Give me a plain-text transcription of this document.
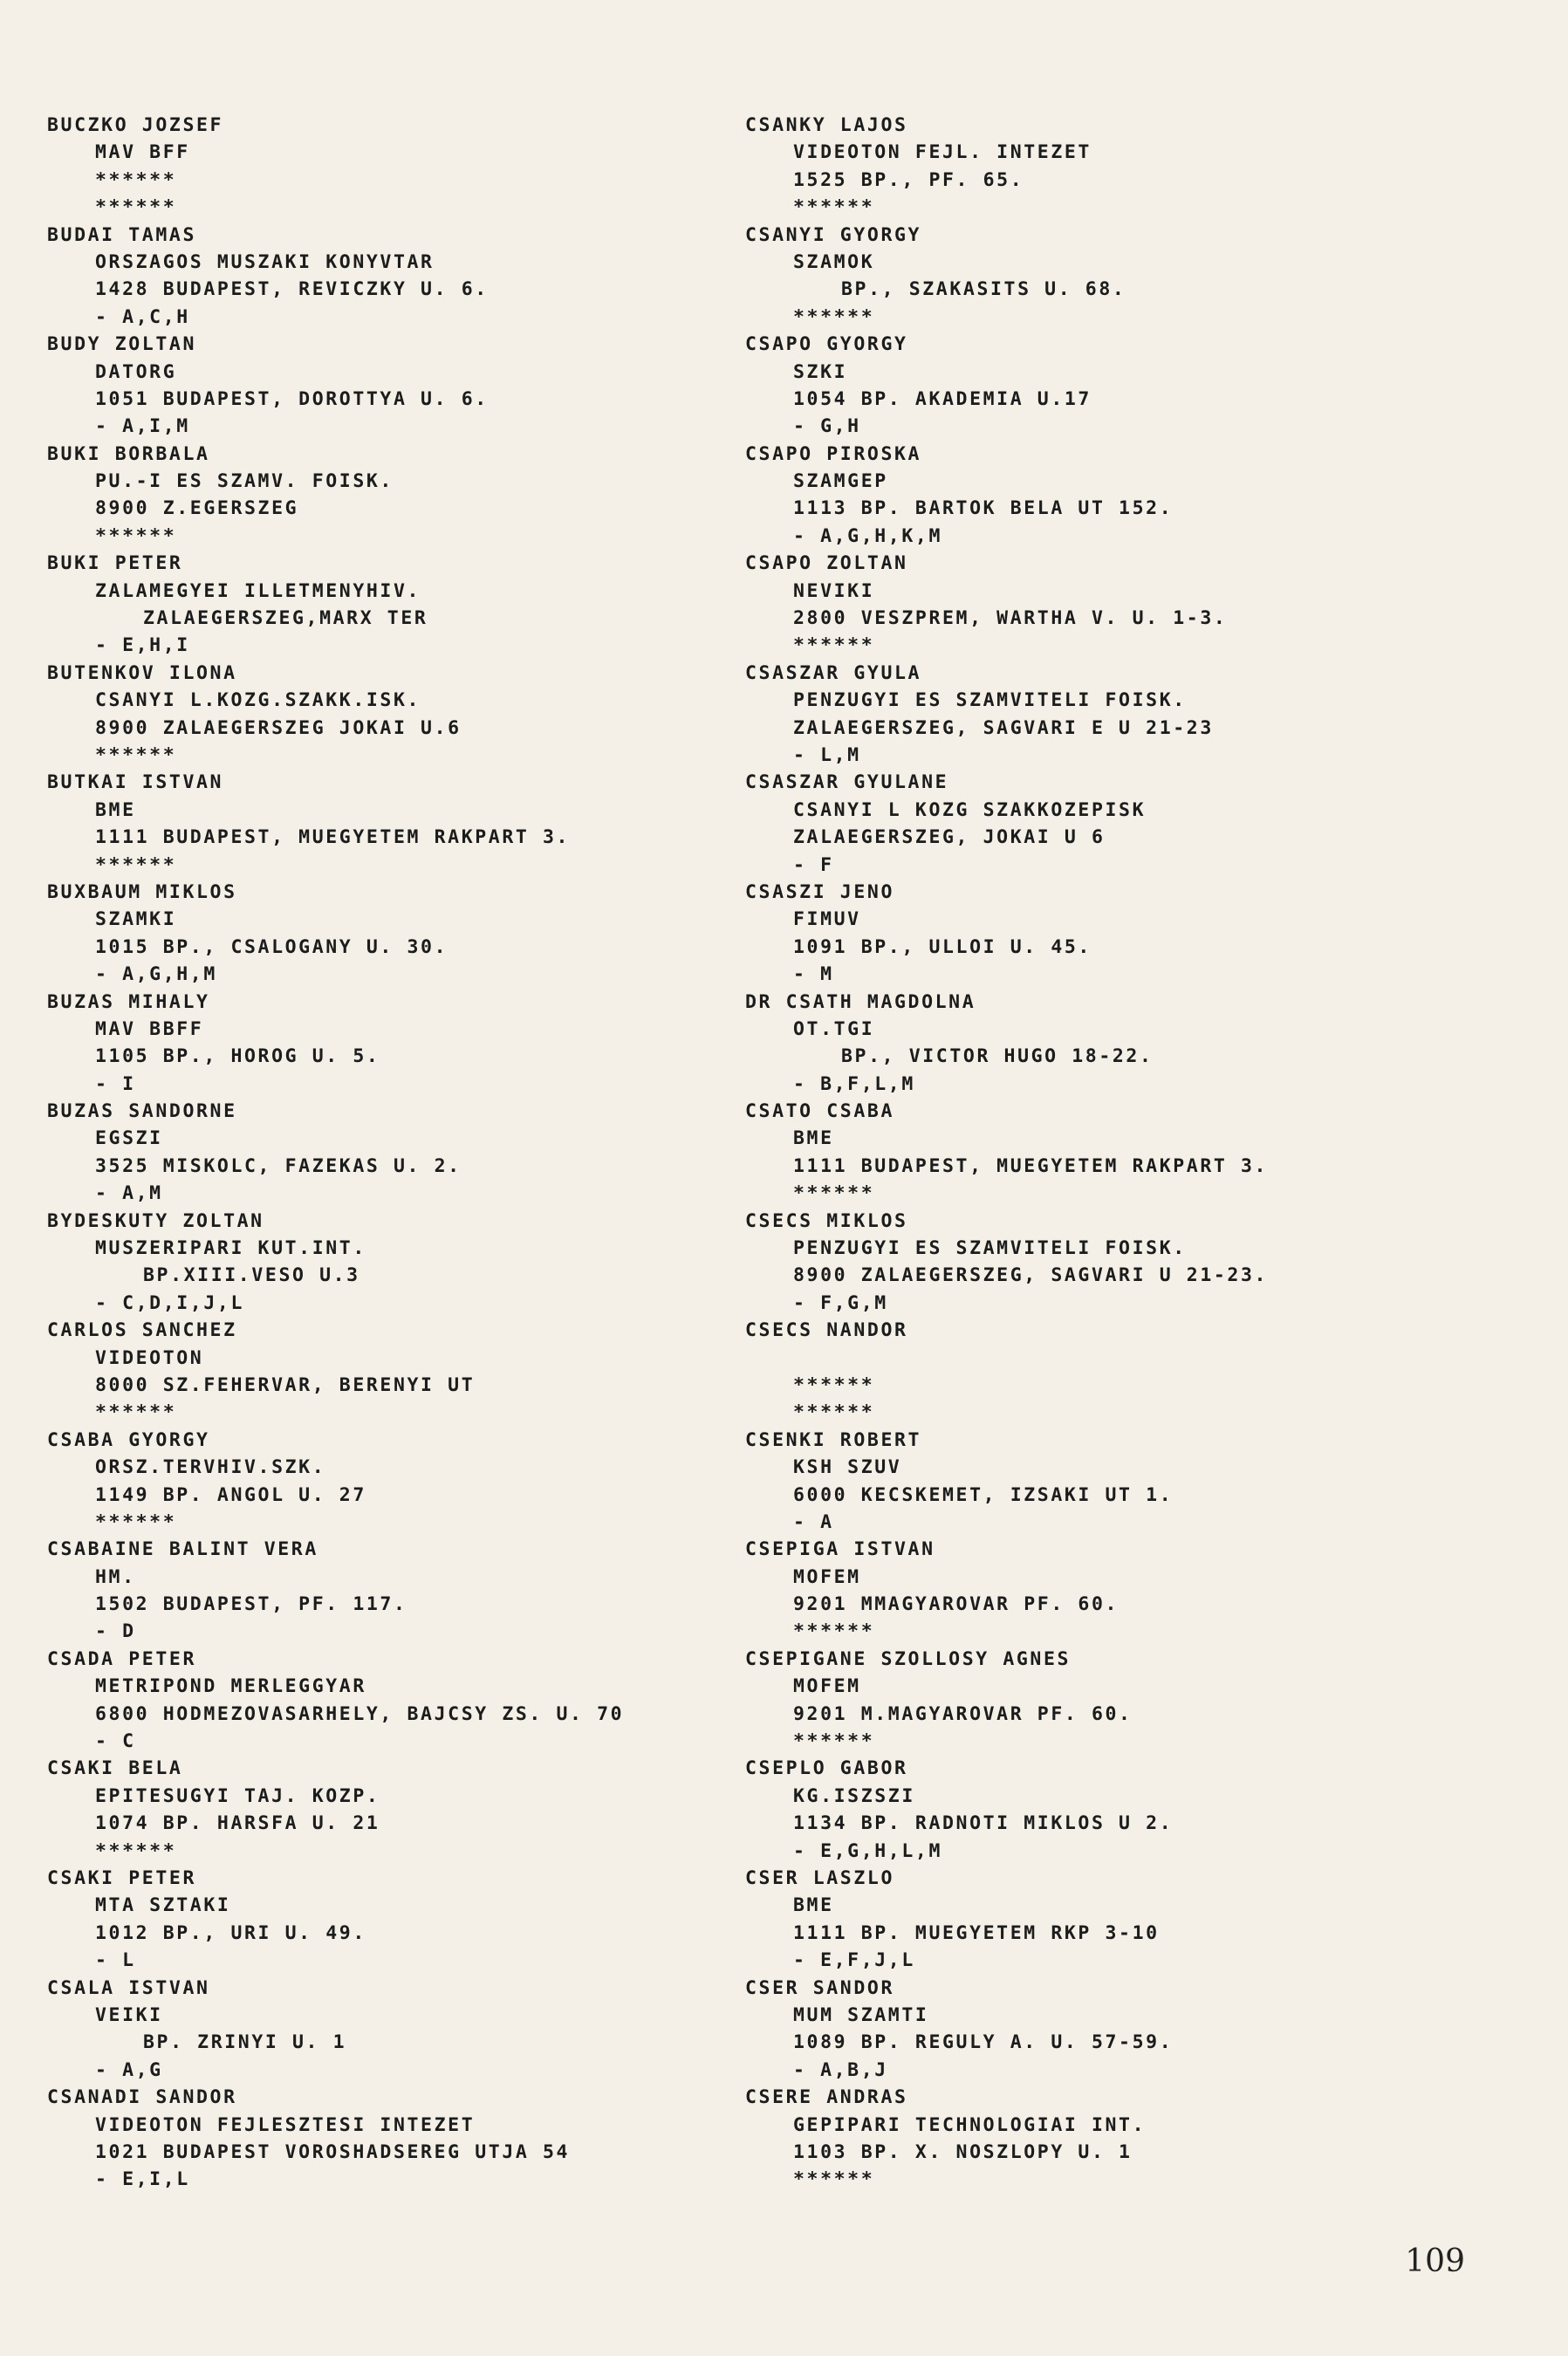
BUCZKO JOZSEF
MAV BFF
******
******
BUDAI TAMAS
ORSZAGOS MUSZAKI KONYVTAR
1428 BUDAPEST, REVICZKY U. 6.
- A,C,H
BUDY ZOLTAN
DATORG
1051 BUDAPEST, DOROTTYA U. 6.
- A,I,M
BUKI BORBALA
PU.-I ES SZAMV. FOISK.
8900 Z.EGERSZEG
******
BUKI PETER
ZALAMEGYEI ILLETMENYHIV.
ZALAEGERSZEG,MARX TER
- E,H,I
BUTENKOV ILONA
CSANYI L.KOZG.SZAKK.ISK.
8900 ZALAEGERSZEG JOKAI U.6
******
BUTKAI ISTVAN
BME
1111 BUDAPEST, MUEGYETEM RAKPART 3.
******
BUXBAUM MIKLOS
SZAMKI
1015 BP., CSALOGANY U. 30.
- A,G,H,M
BUZAS MIHALY
MAV BBFF
1105 BP., HOROG U. 5.
- I
BUZAS SANDORNE
EGSZI
3525 MISKOLC, FAZEKAS U. 2.
- A,M
BYDESKUTY ZOLTAN
MUSZERIPARI KUT.INT.
BP.XIII.VESO U.3
- C,D,I,J,L
CARLOS SANCHEZ
VIDEOTON
8000 SZ.FEHERVAR, BERENYI UT
******
CSABA GYORGY
ORSZ.TERVHIV.SZK.
1149 BP. ANGOL U. 27
******
CSABAINE BALINT VERA
HM.
1502 BUDAPEST, PF. 117.
- D
CSADA PETER
METRIPOND MERLEGGYAR
6800 HODMEZOVASARHELY, BAJCSY ZS. U. 70
- C
CSAKI BELA
EPITESUGYI TAJ. KOZP.
1074 BP. HARSFA U. 21
******
CSAKI PETER
MTA SZTAKI
1012 BP., URI U. 49.
- L
CSALA ISTVAN
VEIKI
BP. ZRINYI U. 1
- A,G
CSANADI SANDOR
VIDEOTON FEJLESZTESI INTEZET
1021 BUDAPEST VOROSHADSEREG UTJA 54
- E,I,L
CSANKY LAJOS
VIDEOTON FEJL. INTEZET
1525 BP., PF. 65.
******
CSANYI GYORGY
SZAMOK
BP., SZAKASITS U. 68.
******
CSAPO GYORGY
SZKI
1054 BP. AKADEMIA U.17
- G,H
CSAPO PIROSKA
SZAMGEP
1113 BP. BARTOK BELA UT 152.
- A,G,H,K,M
CSAPO ZOLTAN
NEVIKI
2800 VESZPREM, WARTHA V. U. 1-3.
******
CSASZAR GYULA
PENZUGYI ES SZAMVITELI FOISK.
ZALAEGERSZEG, SAGVARI E U 21-23
- L,M
CSASZAR GYULANE
CSANYI L KOZG SZAKKOZEPISK
ZALAEGERSZEG, JOKAI U 6
- F
CSASZI JENO
FIMUV
1091 BP., ULLOI U. 45.
- M
DR CSATH MAGDOLNA
OT.TGI
BP., VICTOR HUGO 18-22.
- B,F,L,M
CSATO CSABA
BME
1111 BUDAPEST, MUEGYETEM RAKPART 3.
******
CSECS MIKLOS
PENZUGYI ES SZAMVITELI FOISK.
8900 ZALAEGERSZEG, SAGVARI U 21-23.
- F,G,M
CSECS NANDOR
******
******
CSENKI ROBERT
KSH SZUV
6000 KECSKEMET, IZSAKI UT 1.
- A
CSEPIGA ISTVAN
MOFEM
9201 MMAGYAROVAR PF. 60.
******
CSEPIGANE SZOLLOSY AGNES
MOFEM
9201 M.MAGYAROVAR PF. 60.
******
CSEPLO GABOR
KG.ISZSZI
1134 BP. RADNOTI MIKLOS U 2.
- E,G,H,L,M
CSER LASZLO
BME
1111 BP. MUEGYETEM RKP 3-10
- E,F,J,L
CSER SANDOR
MUM SZAMTI
1089 BP. REGULY A. U. 57-59.
- A,B,J
CSERE ANDRAS
GEPIPARI TECHNOLOGIAI INT.
1103 BP. X. NOSZLOPY U. 1
******
109
